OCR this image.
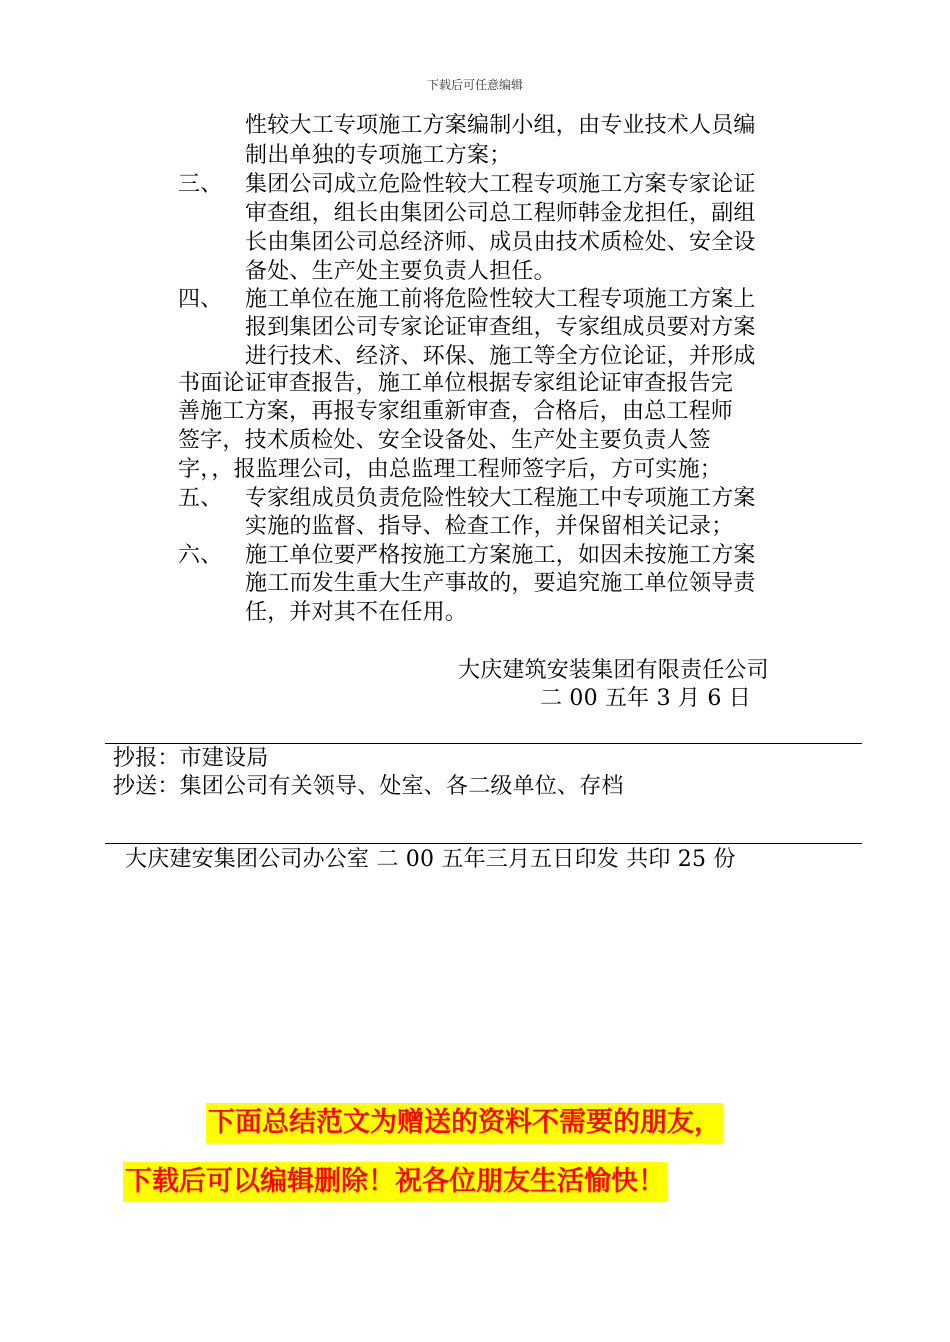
下载后可任意编辑
性较大工专项施工方案编制小组，由专业技术人员编
制出单独的专项施工方案；
三、 集团公司成立危险性较大工程专项施工方案专家论证
审查组，组长由集团公司总工程师韩金龙担任，副组
长由集团公司总经济师、成员由技术质检处、安全设
备处、生产处主要负责人担任。
四、 施工单位在施工前将危险性较大工程专项施工方案上
报到集团公司专家论证审查组，专家组成员要对方案
进行技术、经济、环保、施工等全方位论证，并形成
书面论证审查报告，施工单位根据专家组论证审查报告完
善施工方案，再报专家组重新审查，合格后，由总工程师
签字，技术质检处、安全设备处、生产处主要负责人签
字，，报监理公司，由总监理工程师签字后，方可实施；
五、 专家组成员负责危险性较大工程施工中专项施工方案
实施的监督、指导、检查工作，并保留相关记录；
六、 施工单位要严格按施工方案施工，如因未按施工方案
施工而发生重大生产事故的，要追究施工单位领导责
任，并对其不在任用。
大庆建筑安装集团有限责任公司
二 00 五年 3 月 6 日
抄报：市建设局
抄送：集团公司有关领导、处室、各二级单位、存档
大庆建安集团公司办公室 二 00 五年三月五日印发 共印 25 份
下面总结范文为赠送的资料不需要的朋友，
下载后可以编辑删除！祝各位朋友生活愉快！
